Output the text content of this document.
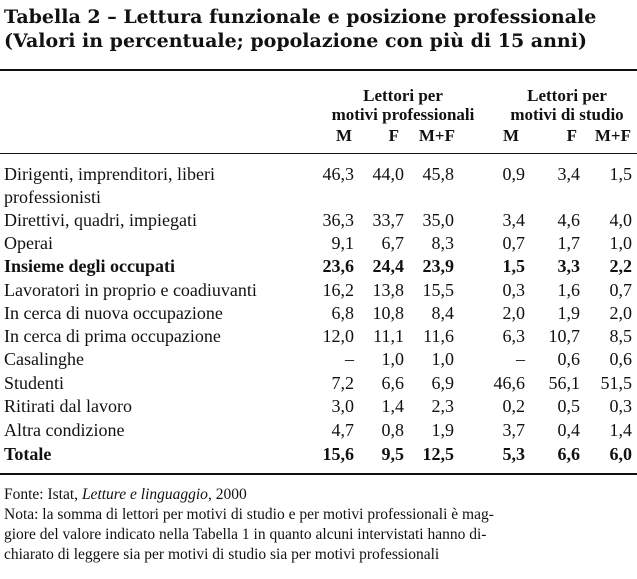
Tabella 2 – Lettura funzionale e posizione professionale
(Valori in percentuale; popolazione con più di 15 anni)
Lettori per
motivi professionali
Lettori per
motivi di studio
M	F	M+F	M	F	M+F
Dirigenti, imprenditori, liberi
professionisti
46,3	44,0	45,8	0,9	3,4	1,5
Direttivi, quadri, impiegati	36,3	33,7	35,0	3,4	4,6	4,0
Operai	9,1	6,7	8,3	0,7	1,7	1,0
Insieme degli occupati	23,6	24,4	23,9	1,5	3,3	2,2
Lavoratori in proprio e coadiuvanti	16,2	13,8	15,5	0,3	1,6	0,7
In cerca di nuova occupazione	6,8	10,8	8,4	2,0	1,9	2,0
In cerca di prima occupazione	12,0	11,1	11,6	6,3	10,7	8,5
Casalinghe	–	1,0	1,0	–	0,6	0,6
Studenti	7,2	6,6	6,9	46,6	56,1	51,5
Ritirati dal lavoro	3,0	1,4	2,3	0,2	0,5	0,3
Altra condizione	4,7	0,8	1,9	3,7	0,4	1,4
Totale	15,6	9,5	12,5	5,3	6,6	6,0
Fonte: Istat, Letture e linguaggio, 2000
Nota: la somma di lettori per motivi di studio e per motivi professionali è mag-
giore del valore indicato nella Tabella 1 in quanto alcuni intervistati hanno di-
chiarato di leggere sia per motivi di studio sia per motivi professionali
